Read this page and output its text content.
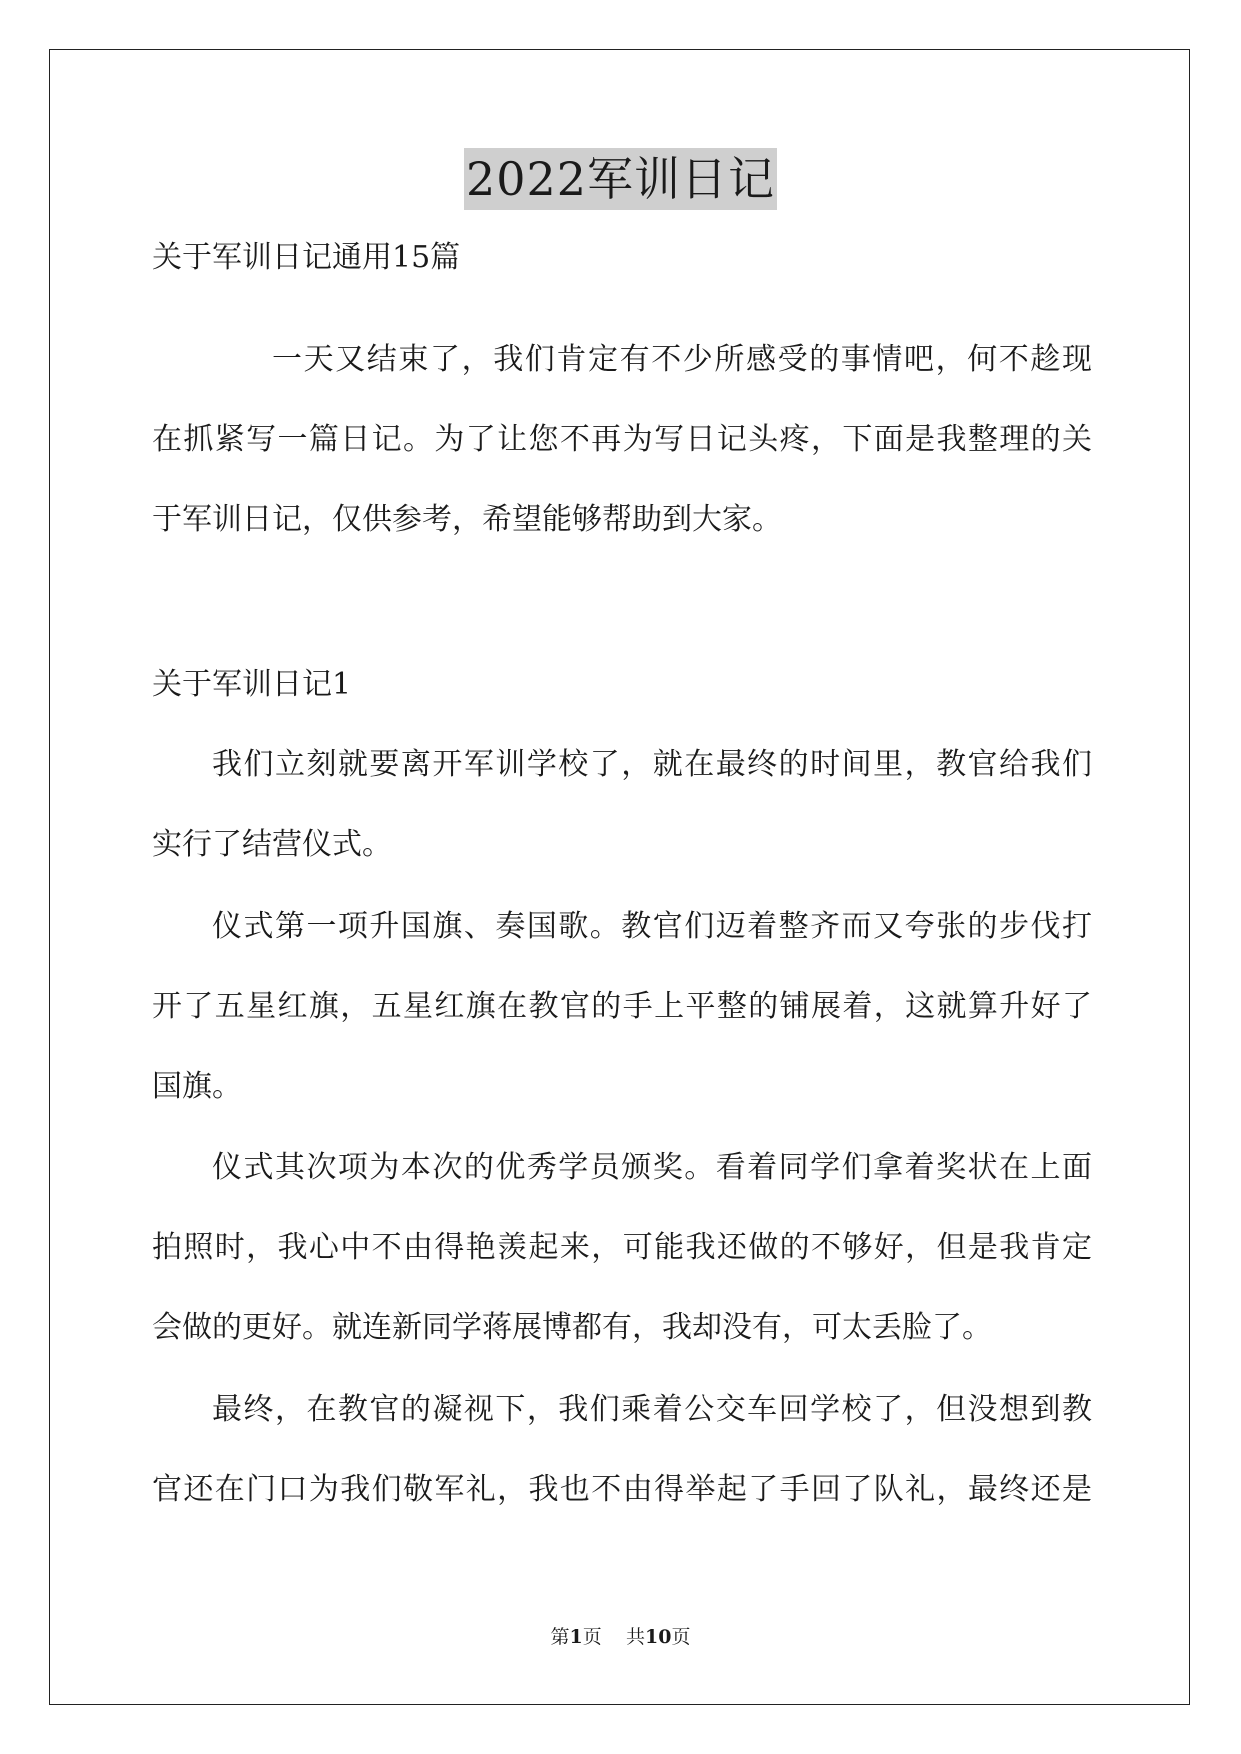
2022军训日记
关于军训日记通用15篇
一天又结束了，我们肯定有不少所感受的事情吧，何不趁现
在抓紧写一篇日记。为了让您不再为写日记头疼，下面是我整理的关
于军训日记，仅供参考，希望能够帮助到大家。
关于军训日记1
我们立刻就要离开军训学校了，就在最终的时间里，教官给我们
实行了结营仪式。
仪式第一项升国旗、奏国歌。教官们迈着整齐而又夸张的步伐打
开了五星红旗，五星红旗在教官的手上平整的铺展着，这就算升好了
国旗。
仪式其次项为本次的优秀学员颁奖。看着同学们拿着奖状在上面
拍照时，我心中不由得艳羡起来，可能我还做的不够好，但是我肯定
会做的更好。就连新同学蒋展博都有，我却没有，可太丢脸了。
最终，在教官的凝视下，我们乘着公交车回学校了，但没想到教
官还在门口为我们敬军礼，我也不由得举起了手回了队礼，最终还是
第1页 共10页
